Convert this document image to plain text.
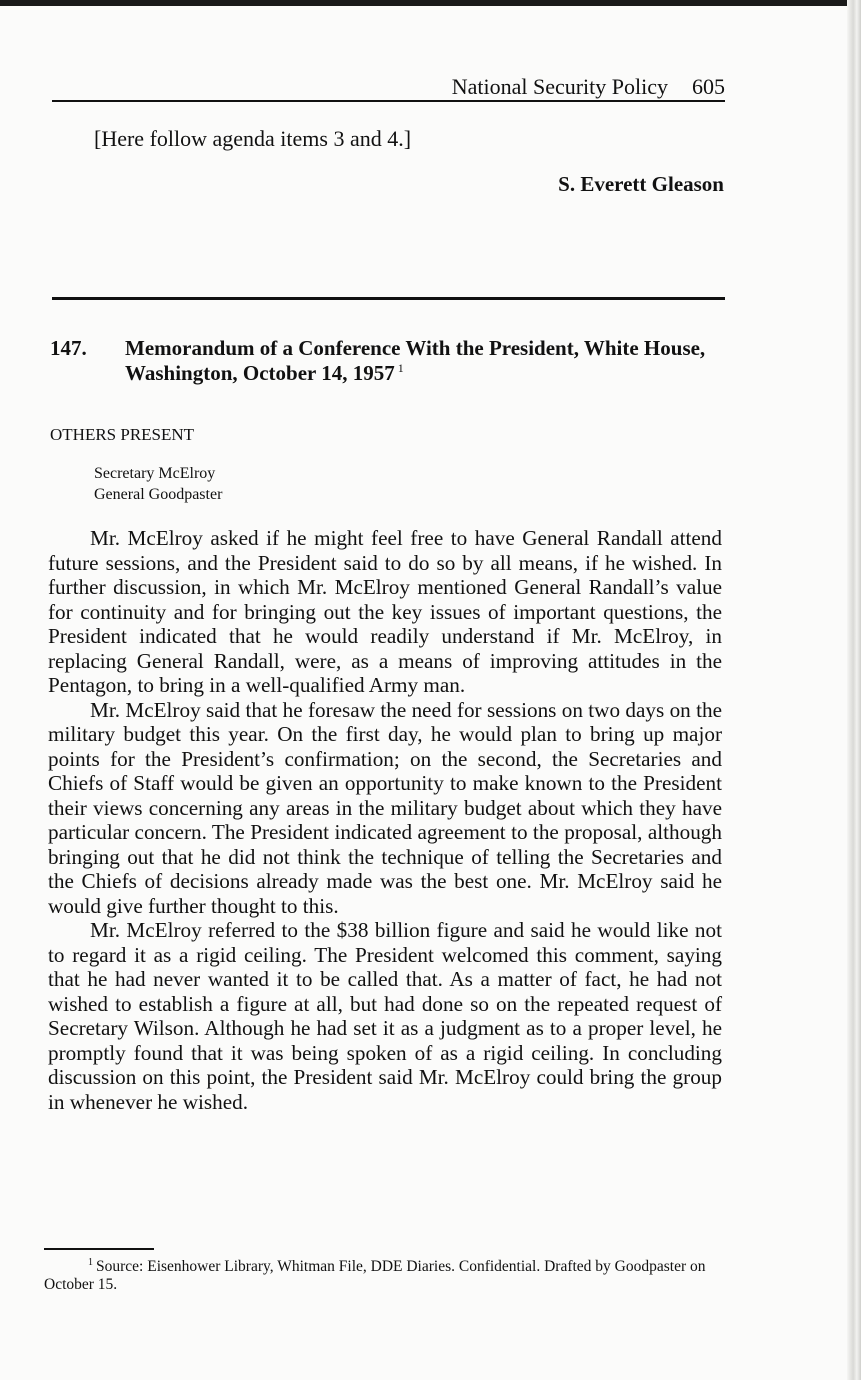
National Security Policy 605
[Here follow agenda items 3 and 4.]
S. Everett Gleason
147. Memorandum of a Conference With the President, White House, Washington, October 14, 1957 $^1$
OTHERS PRESENT
Secretary McElroy
General Goodpaster

Mr. McElroy asked if he might feel free to have General Randall attend future sessions, and the President said to do so by all means, if he wished. In further discussion, in which Mr. McElroy mentioned General Randall’s value for continuity and for bringing out the key issues of important questions, the President indicated that he would readily understand if Mr. McElroy, in replacing General Randall, were, as a means of improving attitudes in the Pentagon, to bring in a well-qualified Army man.

Mr. McElroy said that he foresaw the need for sessions on two days on the military budget this year. On the first day, he would plan to bring up major points for the President’s confirmation; on the second, the Secretaries and Chiefs of Staff would be given an opportunity to make known to the President their views concerning any areas in the military budget about which they have particular concern. The President indicated agreement to the proposal, although bringing out that he did not think the technique of telling the Secretaries and the Chiefs of decisions already made was the best one. Mr. McElroy said he would give further thought to this.

Mr. McElroy referred to the $38 billion figure and said he would like not to regard it as a rigid ceiling. The President welcomed this comment, saying that he had never wanted it to be called that. As a matter of fact, he had not wished to establish a figure at all, but had done so on the repeated request of Secretary Wilson. Although he had set it as a judgment as to a proper level, he promptly found that it was being spoken of as a rigid ceiling. In concluding discussion on this point, the President said Mr. McElroy could bring the group in whenever he wished.

$^1$ Source: Eisenhower Library, Whitman File, DDE Diaries. Confidential. Drafted by Goodpaster on October 15.
